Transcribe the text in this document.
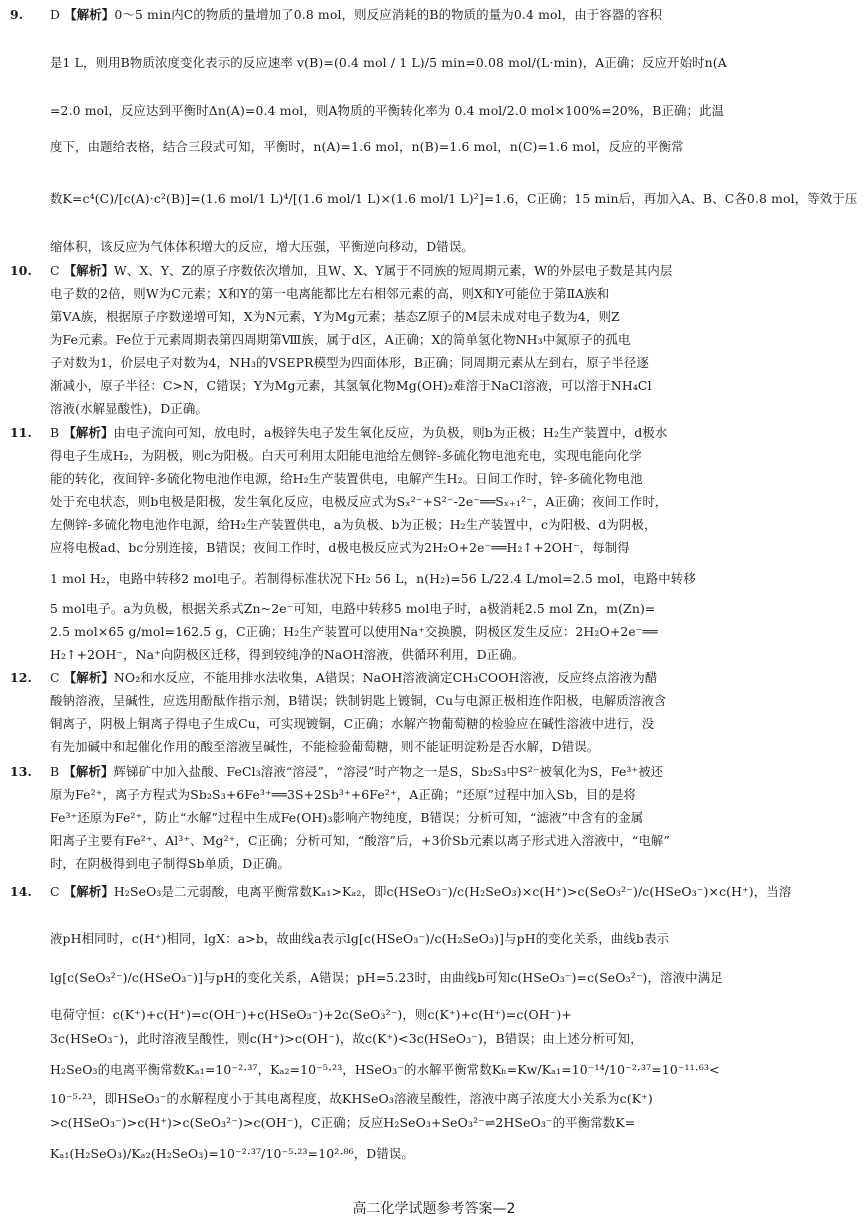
9. D 【解析】0～5 min内C的物质的量增加了0.8 mol，则反应消耗的B的物质的量为0.4 mol，由于容器的容积
是1 L，则用B物质浓度变化表示的反应速率 v(B)=(0.4 mol / 1 L)/5 min=0.08 mol/(L·min)，A正确；反应开始时n(A
=2.0 mol，反应达到平衡时Δn(A)=0.4 mol，则A物质的平衡转化率为 0.4 mol/2.0 mol×100%=20%，B正确；此温
度下，由题给表格，结合三段式可知，平衡时，n(A)=1.6 mol，n(B)=1.6 mol，n(C)=1.6 mol，反应的平衡常
数K=c⁴(C)/[c(A)·c²(B)]=(1.6 mol/1 L)⁴/[(1.6 mol/1 L)×(1.6 mol/1 L)²]=1.6，C正确；15 min后，再加入A、B、C各0.8 mol，等效于压
缩体积，该反应为气体体积增大的反应，增大压强，平衡逆向移动，D错误。
10. C 【解析】W、X、Y、Z的原子序数依次增加，且W、X、Y属于不同族的短周期元素，W的外层电子数是其内层
电子数的2倍，则W为C元素；X和Y的第一电离能都比左右相邻元素的高，则X和Y可能位于第ⅡA族和
第ⅤA族，根据原子序数递增可知，X为N元素，Y为Mg元素；基态Z原子的M层未成对电子数为4，则Z
为Fe元素。Fe位于元素周期表第四周期第Ⅷ族，属于d区，A正确；X的简单氢化物NH₃中氮原子的孤电
子对数为1，价层电子对数为4，NH₃的VSEPR模型为四面体形，B正确；同周期元素从左到右，原子半径逐
渐减小，原子半径：C>N，C错误；Y为Mg元素，其氢氧化物Mg(OH)₂难溶于NaCl溶液，可以溶于NH₄Cl
溶液(水解显酸性)，D正确。
11. B 【解析】由电子流向可知，放电时，a极锌失电子发生氧化反应，为负极，则b为正极；H₂生产装置中，d极水
得电子生成H₂，为阴极，则c为阳极。白天可利用太阳能电池给左侧锌-多硫化物电池充电，实现电能向化学
能的转化，夜间锌-多硫化物电池作电源，给H₂生产装置供电，电解产生H₂。日间工作时，锌-多硫化物电池
处于充电状态，则b电极是阳极，发生氧化反应，电极反应式为Sₓ²⁻+S²⁻-2e⁻══Sₓ₊₁²⁻，A正确；夜间工作时，
左侧锌-多硫化物电池作电源，给H₂生产装置供电，a为负极、b为正极；H₂生产装置中，c为阳极、d为阴极，
应将电极ad、bc分别连接，B错误；夜间工作时，d极电极反应式为2H₂O+2e⁻══H₂↑+2OH⁻，每制得
1 mol H₂，电路中转移2 mol电子。若制得标准状况下H₂ 56 L，n(H₂)=56 L/22.4 L/mol=2.5 mol，电路中转移
5 mol电子。a为负极，根据关系式Zn~2e⁻可知，电路中转移5 mol电子时，a极消耗2.5 mol Zn，m(Zn)=
2.5 mol×65 g/mol=162.5 g，C正确；H₂生产装置可以使用Na⁺交换膜，阴极区发生反应：2H₂O+2e⁻══
H₂↑+2OH⁻，Na⁺向阴极区迁移，得到较纯净的NaOH溶液，供循环利用，D正确。
12. C 【解析】NO₂和水反应，不能用排水法收集，A错误；NaOH溶液滴定CH₃COOH溶液，反应终点溶液为醋
酸钠溶液，呈碱性，应选用酚酞作指示剂，B错误；铁制钥匙上镀铜，Cu与电源正极相连作阳极，电解质溶液含
铜离子，阴极上铜离子得电子生成Cu，可实现镀铜，C正确；水解产物葡萄糖的检验应在碱性溶液中进行，没
有先加碱中和起催化作用的酸至溶液呈碱性，不能检验葡萄糖，则不能证明淀粉是否水解，D错误。
13. B 【解析】辉锑矿中加入盐酸、FeCl₃溶液“溶浸”，“溶浸”时产物之一是S，Sb₂S₃中S²⁻被氧化为S，Fe³⁺被还
原为Fe²⁺，离子方程式为Sb₂S₃+6Fe³⁺══3S+2Sb³⁺+6Fe²⁺，A正确；“还原”过程中加入Sb，目的是将
Fe³⁺还原为Fe²⁺，防止“水解”过程中生成Fe(OH)₃影响产物纯度，B错误；分析可知，“滤液”中含有的金属
阳离子主要有Fe²⁺、Al³⁺、Mg²⁺，C正确；分析可知，“酸溶”后，+3价Sb元素以离子形式进入溶液中，“电解”
时，在阴极得到电子制得Sb单质，D正确。
14. C 【解析】H₂SeO₃是二元弱酸，电离平衡常数Kₐ₁>Kₐ₂，即c(HSeO₃⁻)/c(H₂SeO₃)×c(H⁺)>c(SeO₃²⁻)/c(HSeO₃⁻)×c(H⁺)，当溶
液pH相同时，c(H⁺)相同，lgX：a>b，故曲线a表示lg[c(HSeO₃⁻)/c(H₂SeO₃)]与pH的变化关系，曲线b表示
lg[c(SeO₃²⁻)/c(HSeO₃⁻)]与pH的变化关系，A错误；pH=5.23时，由曲线b可知c(HSeO₃⁻)=c(SeO₃²⁻)，溶液中满足
电荷守恒：c(K⁺)+c(H⁺)=c(OH⁻)+c(HSeO₃⁻)+2c(SeO₃²⁻)，则c(K⁺)+c(H⁺)=c(OH⁻)+
3c(HSeO₃⁻)，此时溶液呈酸性，则c(H⁺)>c(OH⁻)，故c(K⁺)<3c(HSeO₃⁻)，B错误；由上述分析可知，
H₂SeO₃的电离平衡常数Kₐ₁=10⁻²·³⁷，Kₐ₂=10⁻⁵·²³，HSeO₃⁻的水解平衡常数Kₕ=Kw/Kₐ₁=10⁻¹⁴/10⁻²·³⁷=10⁻¹¹·⁶³<
10⁻⁵·²³，即HSeO₃⁻的水解程度小于其电离程度，故KHSeO₃溶液呈酸性，溶液中离子浓度大小关系为c(K⁺)
>c(HSeO₃⁻)>c(H⁺)>c(SeO₃²⁻)>c(OH⁻)，C正确；反应H₂SeO₃+SeO₃²⁻⇌2HSeO₃⁻的平衡常数K=
Kₐ₁(H₂SeO₃)/Kₐ₂(H₂SeO₃)=10⁻²·³⁷/10⁻⁵·²³=10²·⁸⁶，D错误。
高二化学试题参考答案—2
